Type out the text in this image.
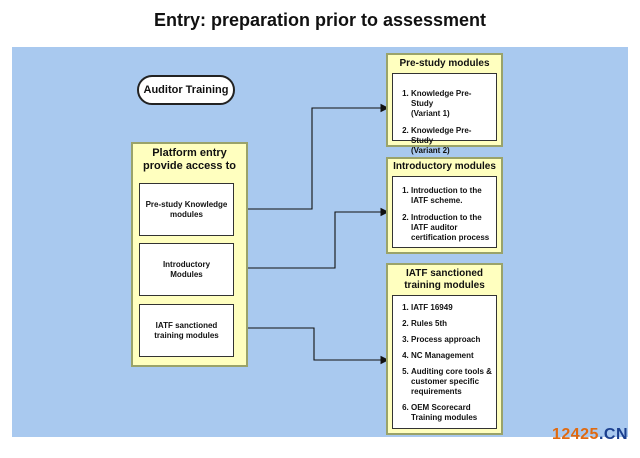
Entry: preparation prior to assessment
Auditor Training
Platform entry
provide access to
Pre-study Knowledge
modules
Introductory
Modules
IATF sanctioned
training modules
Pre-study modules
1. Knowledge Pre-Study
(Variant 1)
2. Knowledge Pre-Study
(Variant 2)
Introductory modules
1. Introduction to the
IATF scheme.
2. Introduction to the
IATF auditor
certification process
IATF sanctioned
training modules
1. IATF 16949
2. Rules 5th
3. Process approach
4. NC Management
5. Auditing core tools &
customer specific
requirements
6. OEM Scorecard
Training modules
12425.CN
